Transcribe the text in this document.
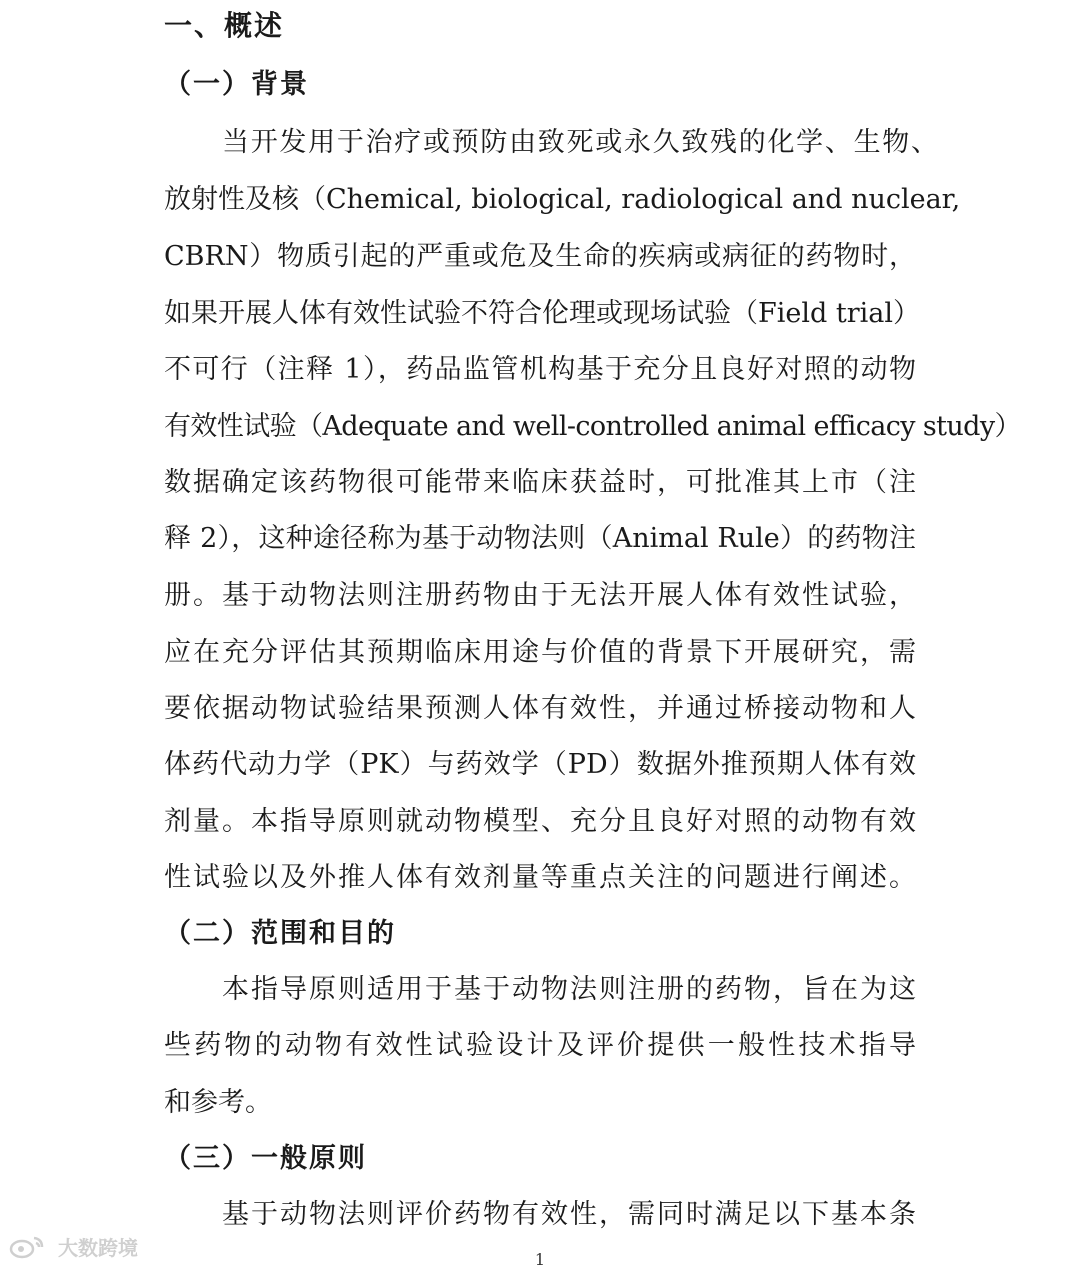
一、概述
（一）背景
当开发用于治疗或预防由致死或永久致残的化学、生物、
放射性及核（Chemical, biological, radiological and nuclear,
CBRN）物质引起的严重或危及生命的疾病或病征的药物时，
如果开展人体有效性试验不符合伦理或现场试验（Field trial）
不可行（注释 1），药品监管机构基于充分且良好对照的动物
有效性试验（Adequate and well-controlled animal efficacy study）
数据确定该药物很可能带来临床获益时，可批准其上市（注
释 2），这种途径称为基于动物法则（Animal Rule）的药物注
册。基于动物法则注册药物由于无法开展人体有效性试验，
应在充分评估其预期临床用途与价值的背景下开展研究，需
要依据动物试验结果预测人体有效性，并通过桥接动物和人
体药代动力学（PK）与药效学（PD）数据外推预期人体有效
剂量。本指导原则就动物模型、充分且良好对照的动物有效
性试验以及外推人体有效剂量等重点关注的问题进行阐述。
（二）范围和目的
本指导原则适用于基于动物法则注册的药物，旨在为这
些药物的动物有效性试验设计及评价提供一般性技术指导
和参考。
（三）一般原则
基于动物法则评价药物有效性，需同时满足以下基本条
大数跨境	1
